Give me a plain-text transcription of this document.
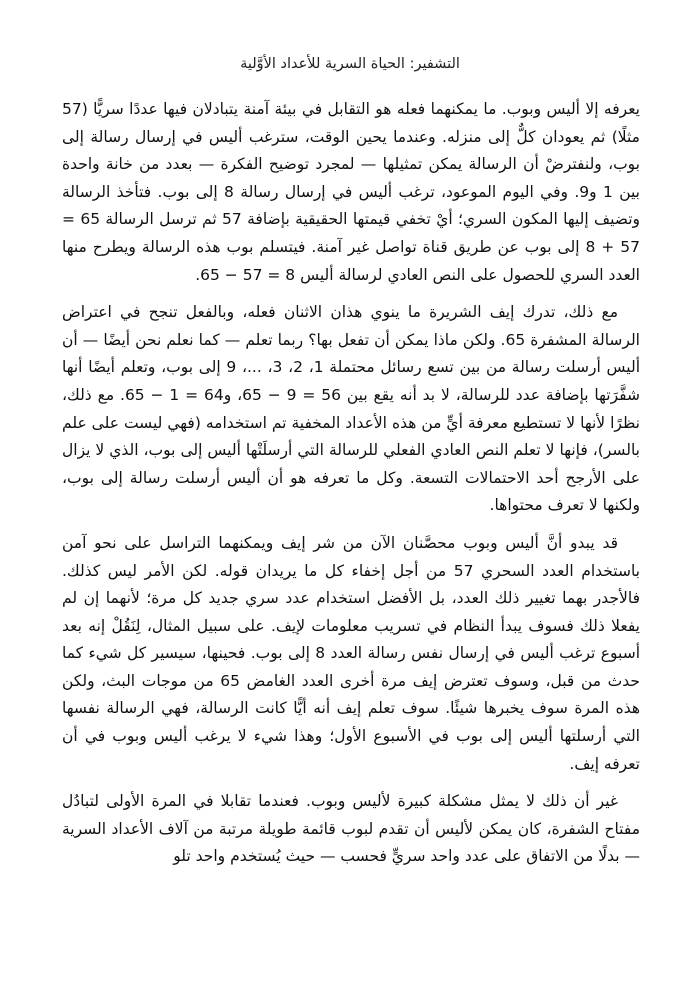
التشفير: الحياة السرية للأعداد الأوَّلية

يعرفه إلا أليس وبوب. ما يمكنهما فعله هو التقابل في بيئة آمنة يتبادلان فيها عددًا سريًّا (57 مثلًا) ثم يعودان كلٌّ إلى منزله. وعندما يحين الوقت، سترغب أليس في إرسال رسالة إلى بوب، ولنفترضْ أن الرسالة يمكن تمثيلها — لمجرد توضيح الفكرة — بعدد من خانة واحدة بين 1 و9. وفي اليوم الموعود، ترغب أليس في إرسال رسالة 8 إلى بوب. فتأخذ الرسالة وتضيف إليها المكون السري؛ أيْ تخفي قيمتها الحقيقية بإضافة 57 ثم ترسل الرسالة 65 = 57 + 8 إلى بوب عن طريق قناة تواصل غير آمنة. فيتسلم بوب هذه الرسالة ويطرح منها العدد السري للحصول على النص العادي لرسالة أليس 8 = 57 − 65.

مع ذلك، تدرك إيف الشريرة ما ينوي هذان الاثنان فعله، وبالفعل تنجح في اعتراض الرسالة المشفرة 65. ولكن ماذا يمكن أن تفعل بها؟ ربما تعلم — كما نعلم نحن أيضًا — أن أليس أرسلت رسالة من بين تسع رسائل محتملة 1، 2، 3، ...، 9 إلى بوب، وتعلم أيضًا أنها شفَّرَتها بإضافة عدد للرسالة، لا بد أنه يقع بين 56 = 9 − 65، و64 = 1 − 65. مع ذلك، نظرًا لأنها لا تستطيع معرفة أيٍّ من هذه الأعداد المخفية تم استخدامه (فهي ليست على علم بالسر)، فإنها لا تعلم النص العادي الفعلي للرسالة التي أرسلَتْها أليس إلى بوب، الذي لا يزال على الأرجح أحد الاحتمالات التسعة. وكل ما تعرفه هو أن أليس أرسلت رسالة إلى بوب، ولكنها لا تعرف محتواها.

قد يبدو أنَّ أليس وبوب محصَّنان الآن من شر إيف ويمكنهما التراسل على نحو آمن باستخدام العدد السحري 57 من أجل إخفاء كل ما يريدان قوله. لكن الأمر ليس كذلك. فالأجدر بهما تغيير ذلك العدد، بل الأفضل استخدام عدد سري جديد كل مرة؛ لأنهما إن لم يفعلا ذلك فسوف يبدأ النظام في تسريب معلومات لإيف. على سبيل المثال، لِنَقُلْ إنه بعد أسبوع ترغب أليس في إرسال نفس رسالة العدد 8 إلى بوب. فحينها، سيسير كل شيء كما حدث من قبل، وسوف تعترض إيف مرة أخرى العدد الغامض 65 من موجات البث، ولكن هذه المرة سوف يخبرها شيئًا. سوف تعلم إيف أنه أيًّا كانت الرسالة، فهي الرسالة نفسها التي أرسلتها أليس إلى بوب في الأسبوع الأول؛ وهذا شيء لا يرغب أليس وبوب في أن تعرفه إيف.

غير أن ذلك لا يمثل مشكلة كبيرة لأليس وبوب. فعندما تقابلا في المرة الأولى لتبادُل مفتاح الشفرة، كان يمكن لأليس أن تقدم لبوب قائمة طويلة مرتبة من آلاف الأعداد السرية — بدلًا من الاتفاق على عدد واحد سريٍّ فحسب — حيث يُستخدم واحد تلو
